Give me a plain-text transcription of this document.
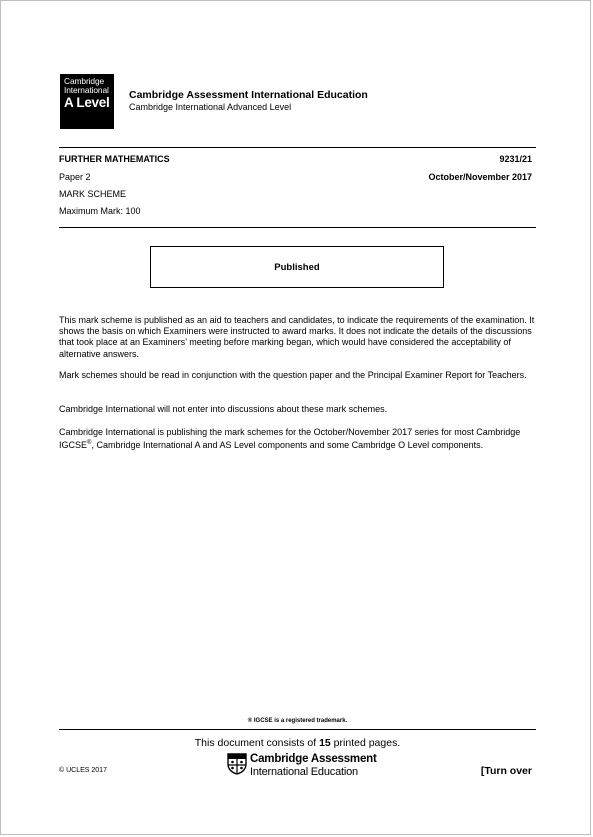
Cambridge
International
A Level	Cambridge Assessment International Education
Cambridge International Advanced Level
FURTHER MATHEMATICS	9231/21
Paper 2	October/November 2017
MARK SCHEME
Maximum Mark: 100
Published
This mark scheme is published as an aid to teachers and candidates, to indicate the requirements of the examination. It shows the basis on which Examiners were instructed to award marks. It does not indicate the details of the discussions that took place at an Examiners’ meeting before marking began, which would have considered the acceptability of alternative answers.
Mark schemes should be read in conjunction with the question paper and the Principal Examiner Report for Teachers.
Cambridge International will not enter into discussions about these mark schemes.
Cambridge International is publishing the mark schemes for the October/November 2017 series for most Cambridge IGCSE®, Cambridge International A and AS Level components and some Cambridge O Level components.
® IGCSE is a registered trademark.
This document consists of 15 printed pages.
© UCLES 2017
Cambridge Assessment
International Education	[Turn over
